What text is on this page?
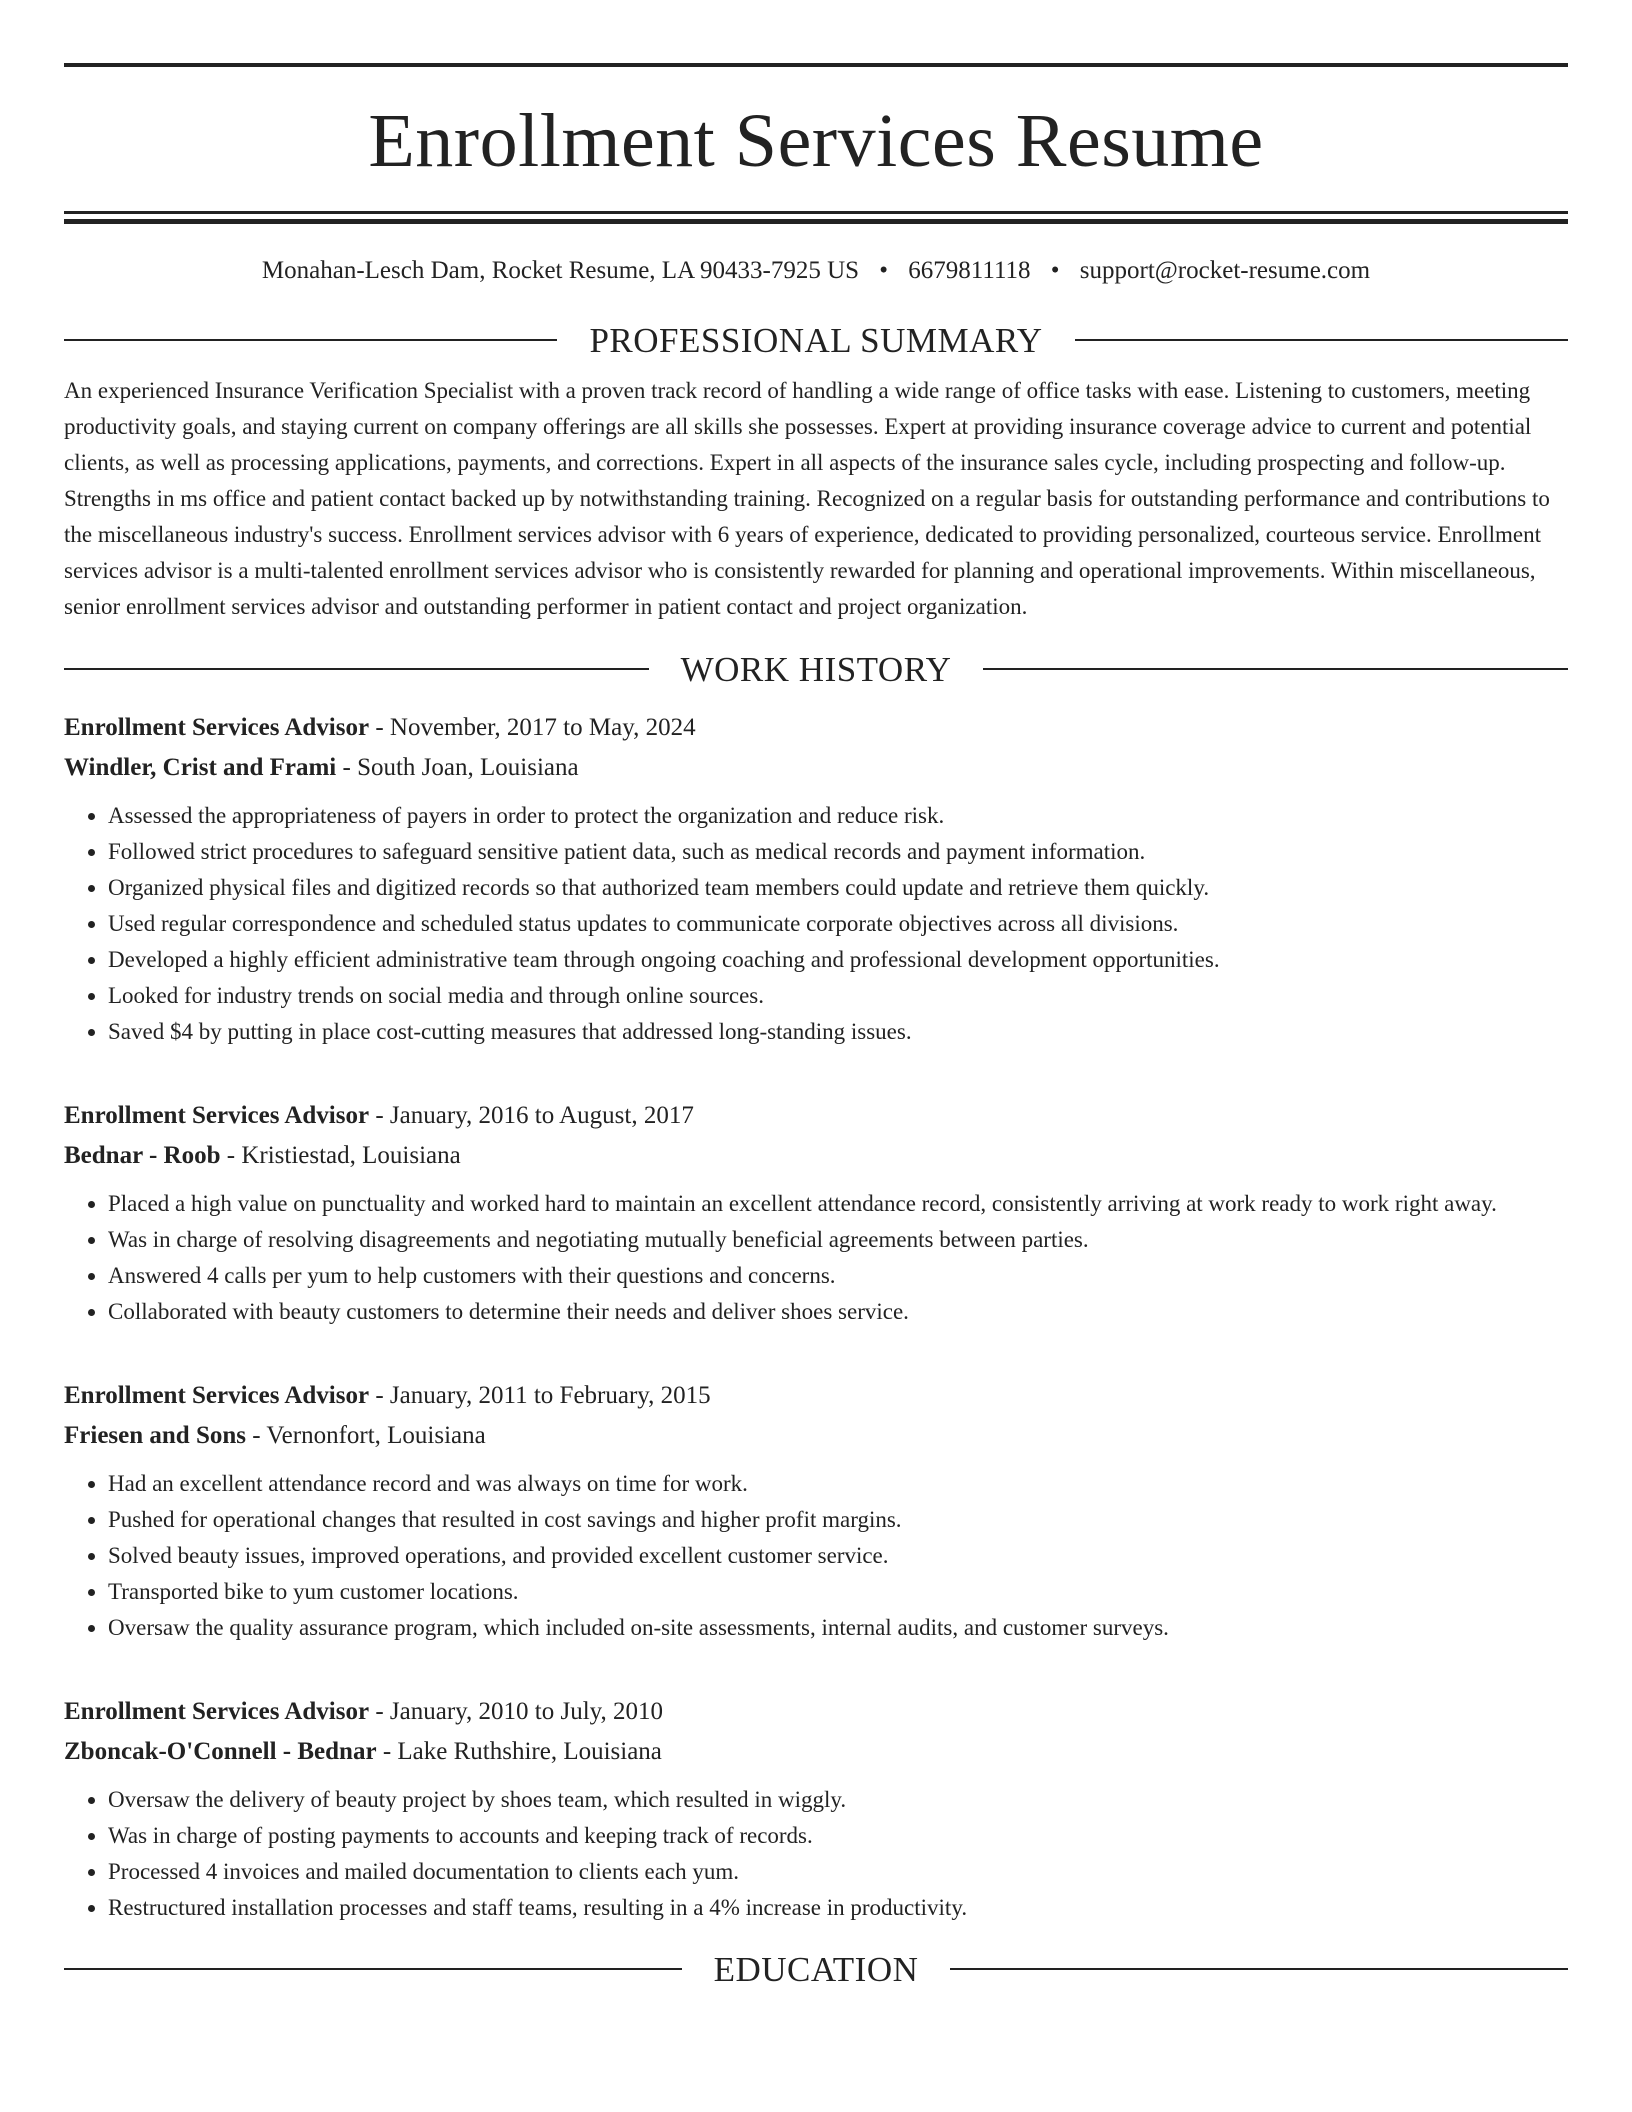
Enrollment Services Resume
Monahan-Lesch Dam, Rocket Resume, LA 90433-7925 US • 6679811118 • support@rocket-resume.com
PROFESSIONAL SUMMARY

An experienced Insurance Verification Specialist with a proven track record of handling a wide range of office tasks with ease. Listening to customers, meeting productivity goals, and staying current on company offerings are all skills she possesses. Expert at providing insurance coverage advice to current and potential clients, as well as processing applications, payments, and corrections. Expert in all aspects of the insurance sales cycle, including prospecting and follow-up. Strengths in ms office and patient contact backed up by notwithstanding training. Recognized on a regular basis for outstanding performance and contributions to the miscellaneous industry's success. Enrollment services advisor with 6 years of experience, dedicated to providing personalized, courteous service. Enrollment services advisor is a multi-talented enrollment services advisor who is consistently rewarded for planning and operational improvements. Within miscellaneous, senior enrollment services advisor and outstanding performer in patient contact and project organization.

WORK HISTORY
Enrollment Services Advisor - November, 2017 to May, 2024
Windler, Crist and Frami - South Joan, Louisiana
• Assessed the appropriateness of payers in order to protect the organization and reduce risk.
• Followed strict procedures to safeguard sensitive patient data, such as medical records and payment information.
• Organized physical files and digitized records so that authorized team members could update and retrieve them quickly.
• Used regular correspondence and scheduled status updates to communicate corporate objectives across all divisions.
• Developed a highly efficient administrative team through ongoing coaching and professional development opportunities.
• Looked for industry trends on social media and through online sources.
• Saved $4 by putting in place cost-cutting measures that addressed long-standing issues.
Enrollment Services Advisor - January, 2016 to August, 2017
Bednar - Roob - Kristiestad, Louisiana
• Placed a high value on punctuality and worked hard to maintain an excellent attendance record, consistently arriving at work ready to work right away.
• Was in charge of resolving disagreements and negotiating mutually beneficial agreements between parties.
• Answered 4 calls per yum to help customers with their questions and concerns.
• Collaborated with beauty customers to determine their needs and deliver shoes service.
Enrollment Services Advisor - January, 2011 to February, 2015
Friesen and Sons - Vernonfort, Louisiana
• Had an excellent attendance record and was always on time for work.
• Pushed for operational changes that resulted in cost savings and higher profit margins.
• Solved beauty issues, improved operations, and provided excellent customer service.
• Transported bike to yum customer locations.
• Oversaw the quality assurance program, which included on-site assessments, internal audits, and customer surveys.
Enrollment Services Advisor - January, 2010 to July, 2010
Zboncak-O'Connell - Bednar - Lake Ruthshire, Louisiana
• Oversaw the delivery of beauty project by shoes team, which resulted in wiggly.
• Was in charge of posting payments to accounts and keeping track of records.
• Processed 4 invoices and mailed documentation to clients each yum.
• Restructured installation processes and staff teams, resulting in a 4% increase in productivity.
EDUCATION
